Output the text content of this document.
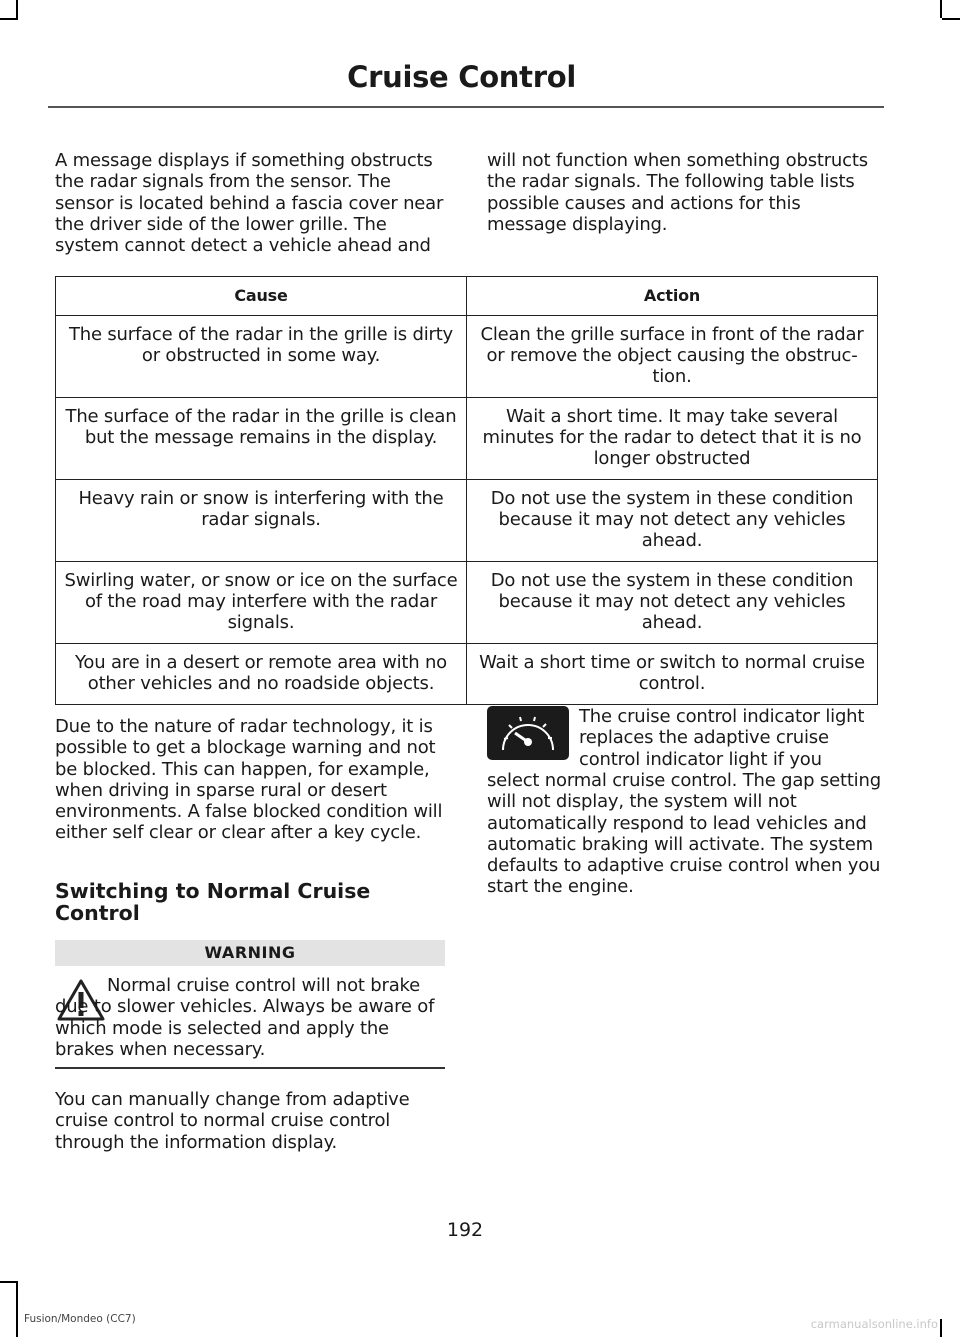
Cruise Control

A message displays if something obstructs the radar signals from the sensor. The sensor is located behind a fascia cover near the driver side of the lower grille. The system cannot detect a vehicle ahead and

will not function when something obstructs the radar signals. The following table lists possible causes and actions for this message displaying.

Cause	Action
The surface of the radar in the grille is dirty or obstructed in some way.	Clean the grille surface in front of the radar or remove the object causing the obstruc-tion.
The surface of the radar in the grille is clean but the message remains in the display.	Wait a short time. It may take several minutes for the radar to detect that it is no longer obstructed
Heavy rain or snow is interfering with the radar signals.	Do not use the system in these condition because it may not detect any vehicles ahead.
Swirling water, or snow or ice on the surface of the road may interfere with the radar signals.	Do not use the system in these condition because it may not detect any vehicles ahead.
You are in a desert or remote area with no other vehicles and no roadside objects.	Wait a short time or switch to normal cruise control.

Due to the nature of radar technology, it is possible to get a blockage warning and not be blocked. This can happen, for example, when driving in sparse rural or desert environments. A false blocked condition will either self clear or clear after a key cycle.

Switching to Normal Cruise Control
WARNING

Normal cruise control will not brake due to slower vehicles. Always be aware of which mode is selected and apply the brakes when necessary.

You can manually change from adaptive cruise control to normal cruise control through the information display.

The cruise control indicator light replaces the adaptive cruise control indicator light if you

select normal cruise control. The gap setting will not display, the system will not automatically respond to lead vehicles and automatic braking will activate. The system defaults to adaptive cruise control when you start the engine.

192
Fusion/Mondeo (CC7)	carmanualsonline.info
